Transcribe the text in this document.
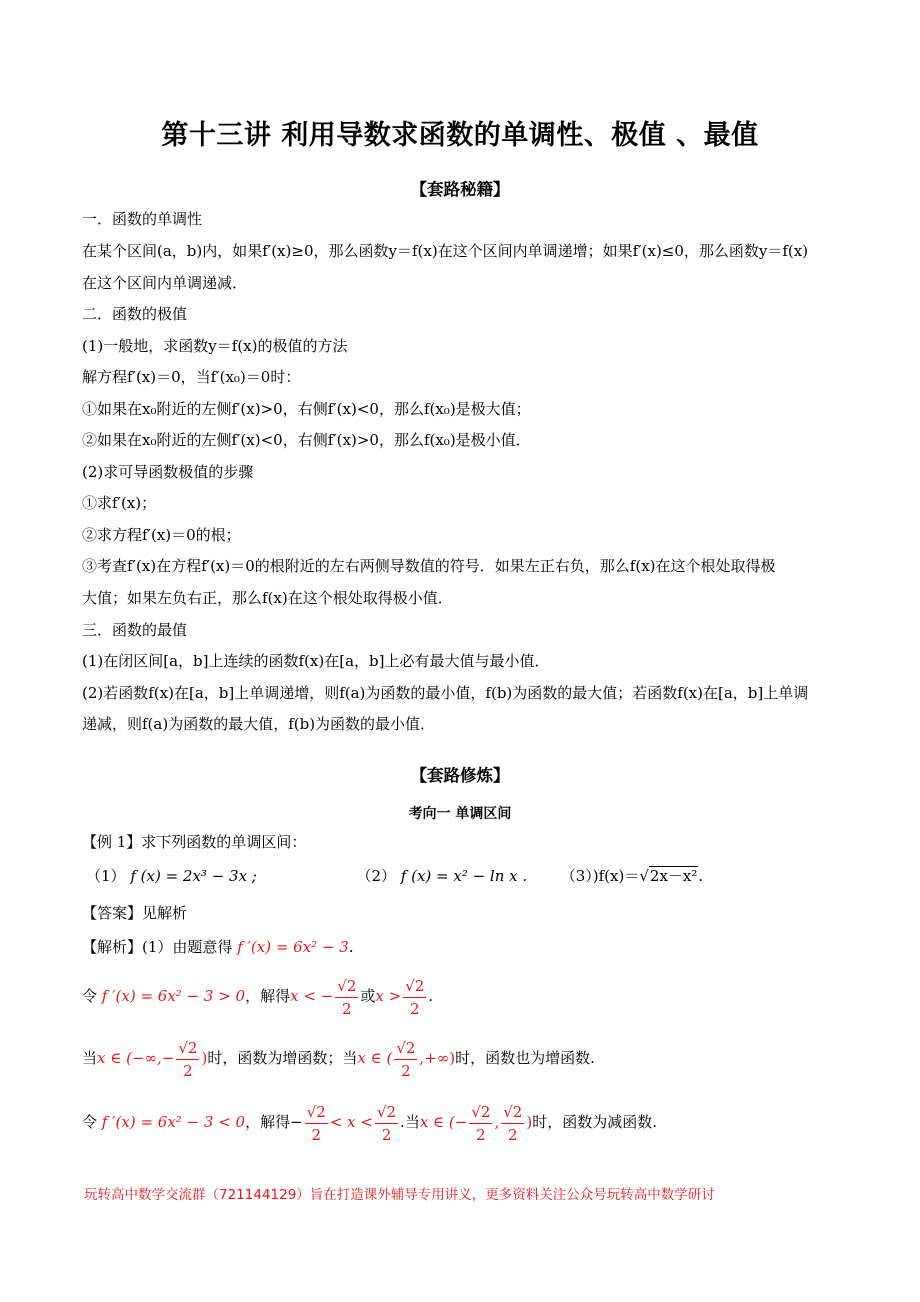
第十三讲 利用导数求函数的单调性、极值 、最值
【套路秘籍】
一．函数的单调性
在某个区间(a，b)内，如果f′(x)≥0，那么函数y＝f(x)在这个区间内单调递增；如果f′(x)≤0，那么函数y＝f(x)
在这个区间内单调递减．
二．函数的极值
(1)一般地，求函数y＝f(x)的极值的方法
解方程f′(x)＝0，当f′(x₀)＝0时：
①如果在x₀附近的左侧f′(x)>0，右侧f′(x)<0，那么f(x₀)是极大值；
②如果在x₀附近的左侧f′(x)<0，右侧f′(x)>0，那么f(x₀)是极小值．
(2)求可导函数极值的步骤
①求f′(x)；
②求方程f′(x)＝0的根；
③考查f′(x)在方程f′(x)＝0的根附近的左右两侧导数值的符号．如果左正右负，那么f(x)在这个根处取得极
大值；如果左负右正，那么f(x)在这个根处取得极小值．
三．函数的最值
(1)在闭区间[a，b]上连续的函数f(x)在[a，b]上必有最大值与最小值．
(2)若函数f(x)在[a，b]上单调递增，则f(a)为函数的最小值，f(b)为函数的最大值；若函数f(x)在[a，b]上单调
递减，则f(a)为函数的最大值，f(b)为函数的最小值．
【套路修炼】
考向一 单调区间
【例 1】求下列函数的单调区间：
（1） f (x) = 2x³ − 3x ;	（2） f (x) = x² − ln x . （3）)f(x)＝√2x－x².
【答案】见解析
【解析】(1）由题意得 f ′(x) = 6x² − 3.
令 f ′(x) = 6x² − 3 > 0，解得x < − $\frac{√2}{2}$ 或$x > \frac{√2}{2}$ .
当x ∈ (−∞,− $\frac{√2}{2}$ )时，函数为增函数；当x ∈ ( $\frac{√2}{2}$ ,+∞)时，函数也为增函数.
令 f ′(x) = 6x² − 3 < 0，解得− $\frac{√2}{2} < x < \frac{√2}{2}$ .当x ∈ (− $\frac{√2}{2}$ , $\frac{√2}{2}$ )时，函数为减函数.
玩转高中数学交流群（721144129）旨在打造课外辅导专用讲义，更多资料关注公众号玩转高中数学研讨
